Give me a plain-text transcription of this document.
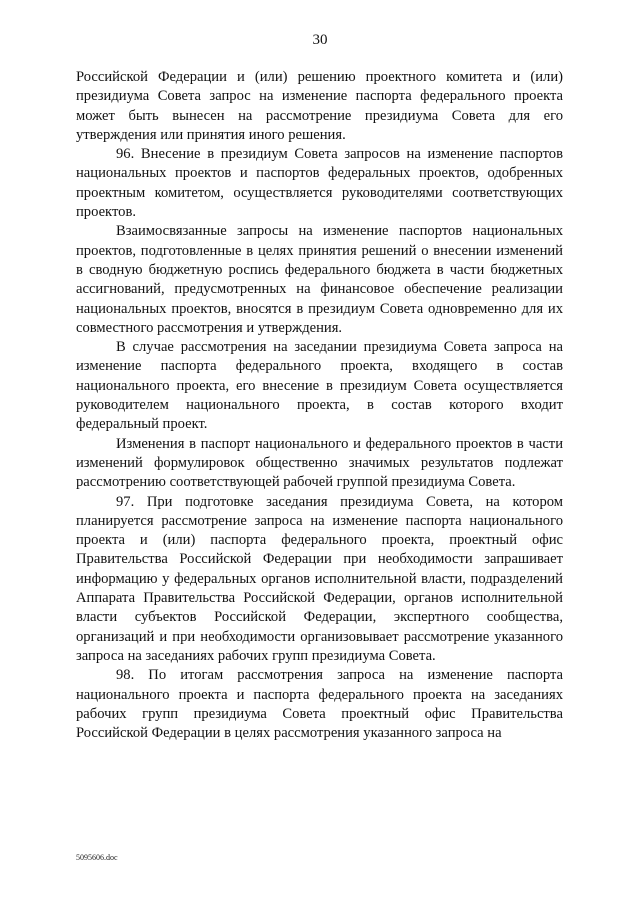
30

Российской Федерации и (или) решению проектного комитета и (или) президиума Совета запрос на изменение паспорта федерального проекта может быть вынесен на рассмотрение президиума Совета для его утверждения или принятия иного решения.

96. Внесение в президиум Совета запросов на изменение паспортов национальных проектов и паспортов федеральных проектов, одобренных проектным комитетом, осуществляется руководителями соответствующих проектов.

Взаимосвязанные запросы на изменение паспортов национальных проектов, подготовленные в целях принятия решений о внесении изменений в сводную бюджетную роспись федерального бюджета в части бюджетных ассигнований, предусмотренных на финансовое обеспечение реализации национальных проектов, вносятся в президиум Совета одновременно для их совместного рассмотрения и утверждения.

В случае рассмотрения на заседании президиума Совета запроса на изменение паспорта федерального проекта, входящего в состав национального проекта, его внесение в президиум Совета осуществляется руководителем национального проекта, в состав которого входит федеральный проект.

Изменения в паспорт национального и федерального проектов в части изменений формулировок общественно значимых результатов подлежат рассмотрению соответствующей рабочей группой президиума Совета.

97. При подготовке заседания президиума Совета, на котором планируется рассмотрение запроса на изменение паспорта национального проекта и (или) паспорта федерального проекта, проектный офис Правительства Российской Федерации при необходимости запрашивает информацию у федеральных органов исполнительной власти, подразделений Аппарата Правительства Российской Федерации, органов исполнительной власти субъектов Российской Федерации, экспертного сообщества, организаций и при необходимости организовывает рассмотрение указанного запроса на заседаниях рабочих групп президиума Совета.

98. По итогам рассмотрения запроса на изменение паспорта национального проекта и паспорта федерального проекта на заседаниях рабочих групп президиума Совета проектный офис Правительства Российской Федерации в целях рассмотрения указанного запроса на

5095606.doc
